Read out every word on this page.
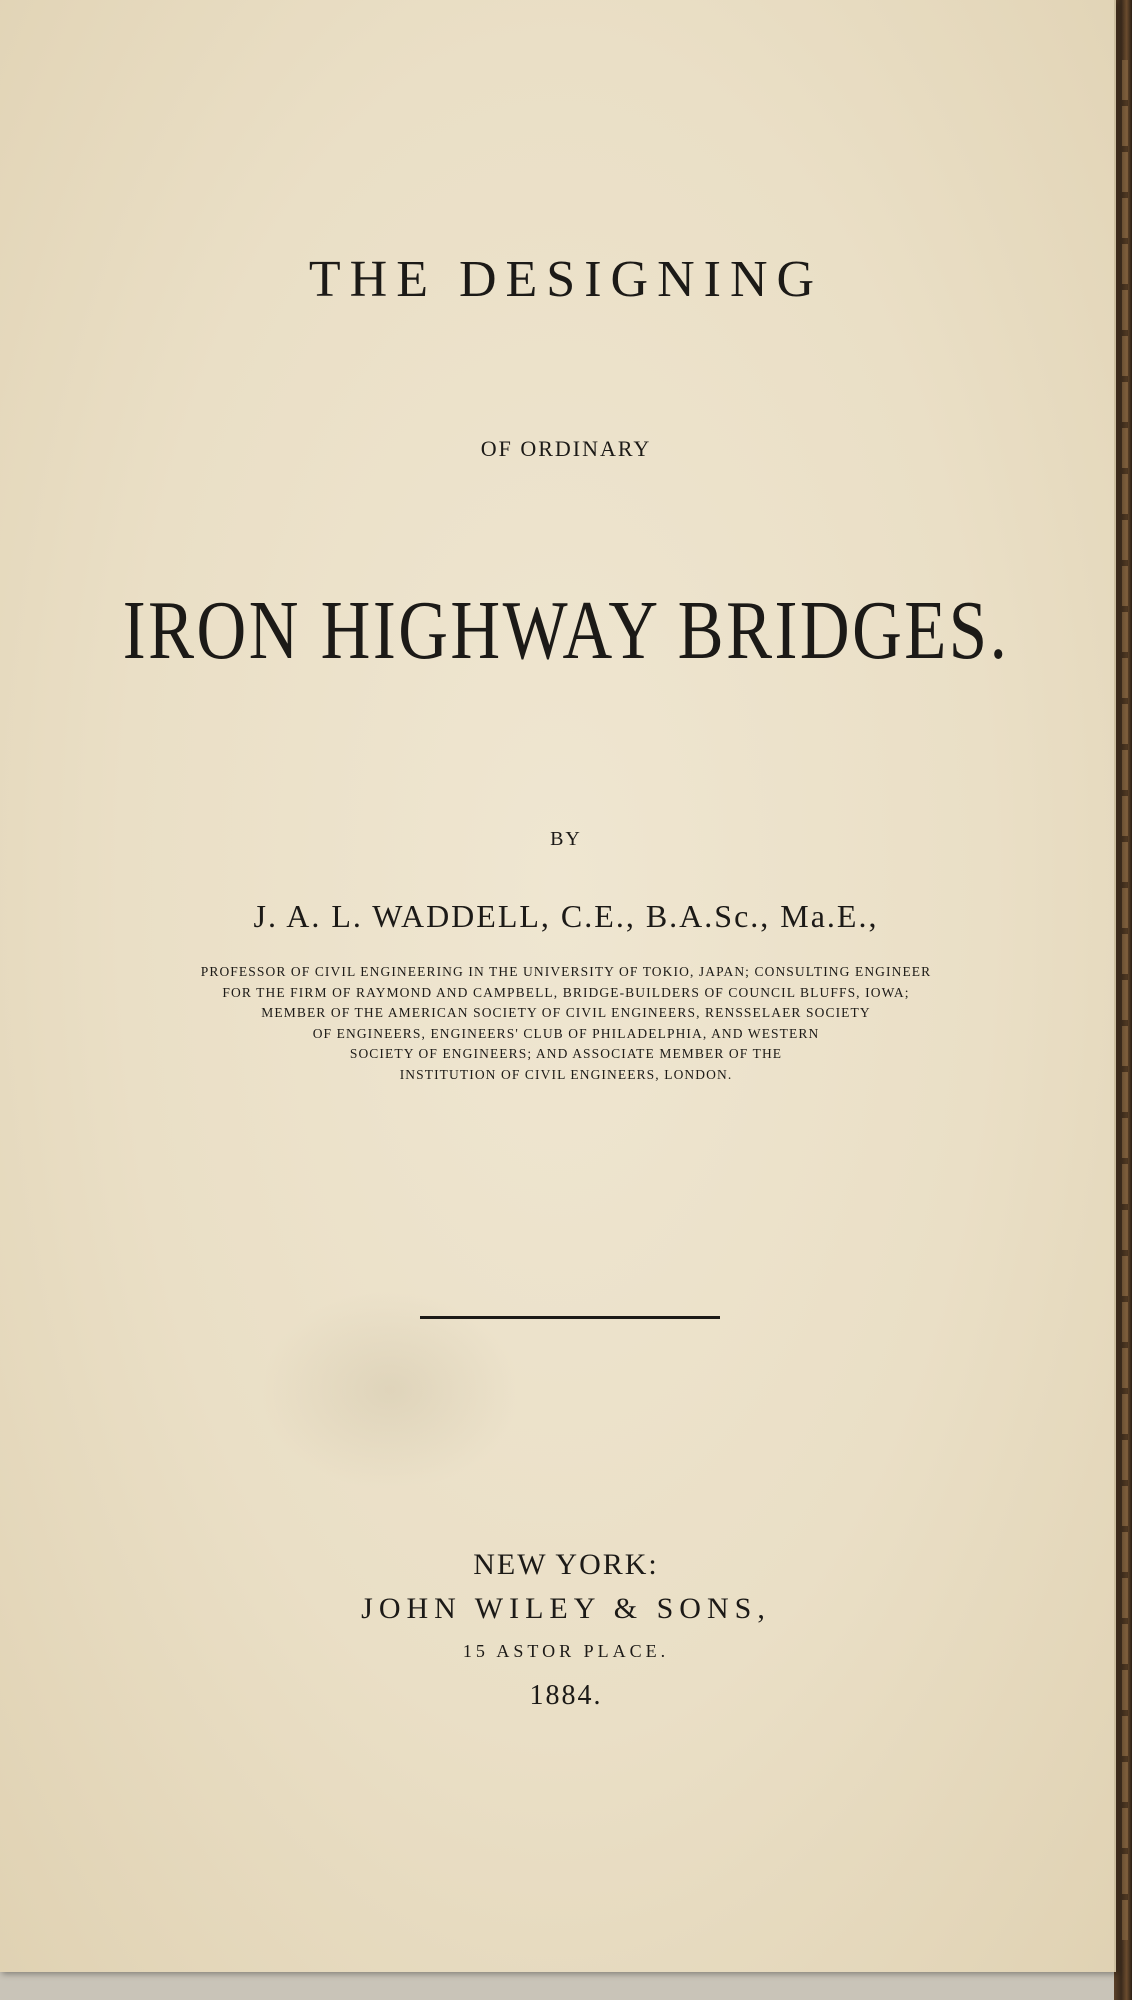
THE DESIGNING
OF ORDINARY
IRON HIGHWAY BRIDGES.
BY
J. A. L. WADDELL, C.E., B.A.Sc., Ma.E.,
PROFESSOR OF CIVIL ENGINEERING IN THE UNIVERSITY OF TOKIO, JAPAN; CONSULTING ENGINEER
FOR THE FIRM OF RAYMOND AND CAMPBELL, BRIDGE-BUILDERS OF COUNCIL BLUFFS, IOWA;
MEMBER OF THE AMERICAN SOCIETY OF CIVIL ENGINEERS, RENSSELAER SOCIETY
OF ENGINEERS, ENGINEERS' CLUB OF PHILADELPHIA, AND WESTERN
SOCIETY OF ENGINEERS; AND ASSOCIATE MEMBER OF THE
INSTITUTION OF CIVIL ENGINEERS, LONDON.
NEW YORK:
JOHN WILEY & SONS,
15 ASTOR PLACE.
1884.
